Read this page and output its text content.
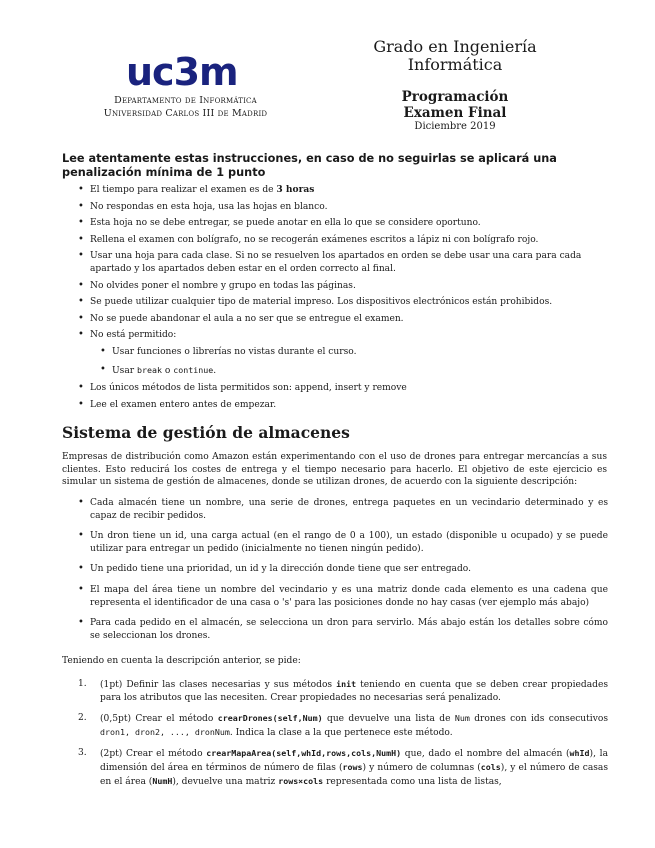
uc3m
Departamento de Informática
Universidad Carlos III de Madrid
Grado en Ingeniería
Informática
Programación
Examen Final
Diciembre 2019
Lee atentamente estas instrucciones, en caso de no seguirlas se aplicará una penalización mínima de 1 punto
• El tiempo para realizar el examen es de 3 horas
• No respondas en esta hoja, usa las hojas en blanco.
• Esta hoja no se debe entregar, se puede anotar en ella lo que se considere oportuno.
• Rellena el examen con bolígrafo, no se recogerán exámenes escritos a lápiz ni con bolígrafo rojo.
• Usar una hoja para cada clase. Si no se resuelven los apartados en orden se debe usar una cara para cada apartado y los apartados deben estar en el orden correcto al final.
• No olvides poner el nombre y grupo en todas las páginas.
• Se puede utilizar cualquier tipo de material impreso. Los dispositivos electrónicos están prohibidos.
• No se puede abandonar el aula a no ser que se entregue el examen.
• No está permitido:
• Usar funciones o librerías no vistas durante el curso.
• Usar break o continue.
• Los únicos métodos de lista permitidos son: append, insert y remove
• Lee el examen entero antes de empezar.
Sistema de gestión de almacenes
Empresas de distribución como Amazon están experimentando con el uso de drones para entregar mercancías a sus clientes. Esto reducirá los costes de entrega y el tiempo necesario para hacerlo. El objetivo de este ejercicio es simular un sistema de gestión de almacenes, donde se utilizan drones, de acuerdo con la siguiente descripción:
• Cada almacén tiene un nombre, una serie de drones, entrega paquetes en un vecindario determinado y es capaz de recibir pedidos.
• Un dron tiene un id, una carga actual (en el rango de 0 a 100), un estado (disponible u ocupado) y se puede utilizar para entregar un pedido (inicialmente no tienen ningún pedido).
• Un pedido tiene una prioridad, un id y la dirección donde tiene que ser entregado.
• El mapa del área tiene un nombre del vecindario y es una matriz donde cada elemento es una cadena que representa el identificador de una casa o 's' para las posiciones donde no hay casas (ver ejemplo más abajo)
• Para cada pedido en el almacén, se selecciona un dron para servirlo. Más abajo están los detalles sobre cómo se seleccionan los drones.
Teniendo en cuenta la descripción anterior, se pide:
1. (1pt) Definir las clases necesarias y sus métodos init teniendo en cuenta que se deben crear propiedades para los atributos que las necesiten. Crear propiedades no necesarias será penalizado.
2. (0,5pt) Crear el método crearDrones(self,Num) que devuelve una lista de Num drones con ids consecutivos dron1, dron2, ..., dronNum. Indica la clase a la que pertenece este método.
3. (2pt) Crear el método crearMapaArea(self,whId,rows,cols,NumH) que, dado el nombre del almacén (whId), la dimensión del área en términos de número de filas (rows) y número de columnas (cols), y el número de casas en el área (NumH), devuelve una matriz rows×cols representada como una lista de listas,
